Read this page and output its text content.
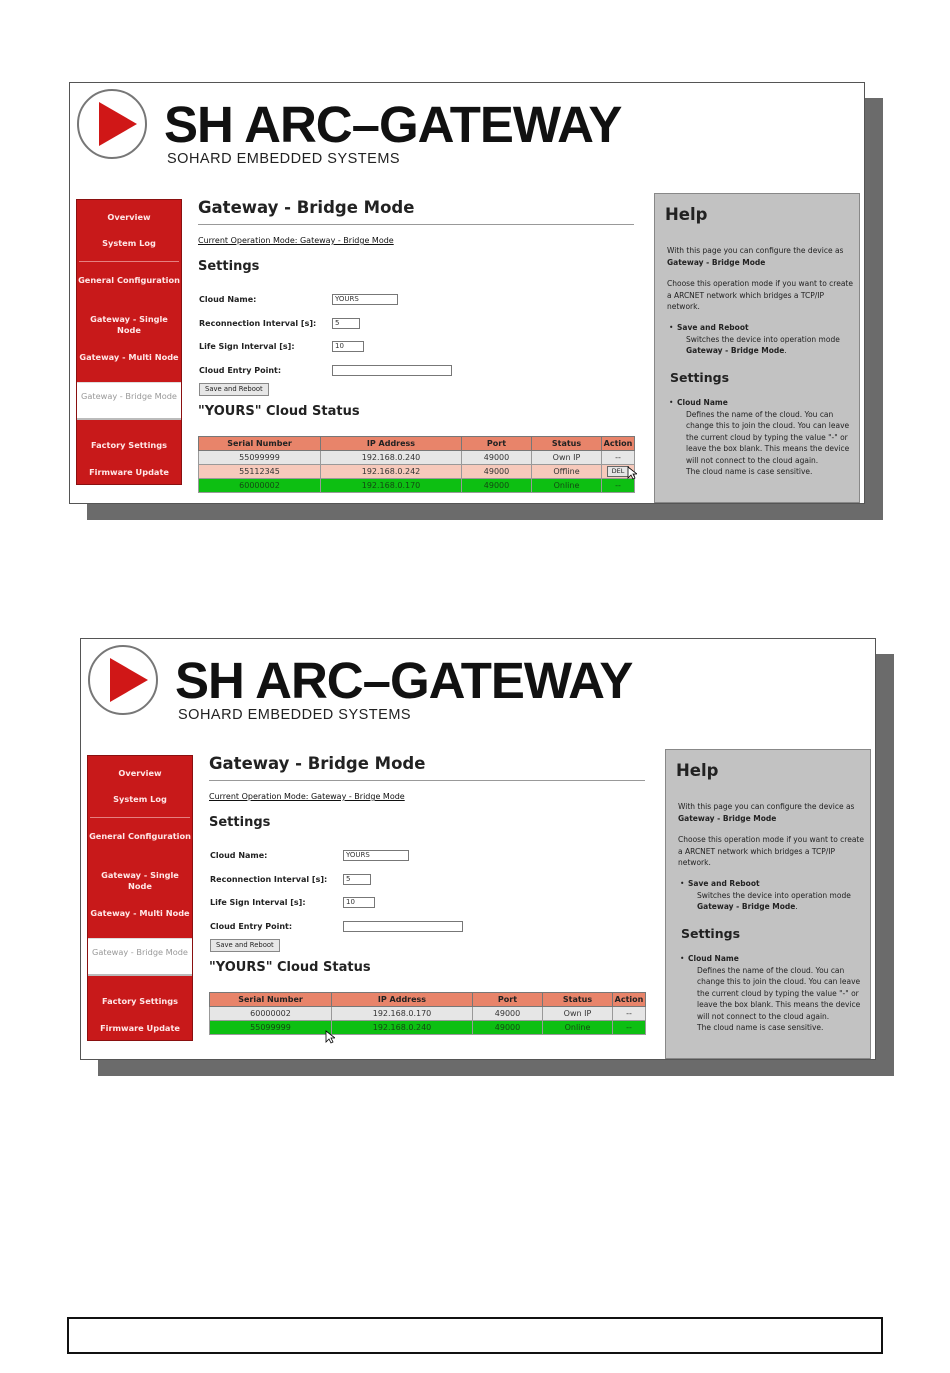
SH ARC–GATEWAY
SOHARD EMBEDDED SYSTEMS
Overview
System Log
General Configuration
Gateway - Single Node
Gateway - Multi Node
Gateway - Bridge Mode
Factory Settings
Firmware Update
Gateway - Bridge Mode
Current Operation Mode: Gateway - Bridge Mode
Settings
Cloud Name:	YOURS
Reconnection Interval [s]:	5
Life Sign Interval [s]:	10
Cloud Entry Point:
Save and Reboot
"YOURS" Cloud Status
Serial Number	IP Address	Port	Status	Action
55099999	192.168.0.240	49000	Own IP	--
55112345	192.168.0.242	49000	Offline	DEL
60000002	192.168.0.170	49000	Online	--
Help
With this page you can configure the device as Gateway - Bridge Mode
Choose this operation mode if you want to create a ARCNET network which bridges a TCP/IP network.
• Save and Reboot
Switches the device into operation mode Gateway - Bridge Mode.
Settings
• Cloud Name
Defines the name of the cloud. You can change this to join the cloud. You can leave the current cloud by typing the value "-" or leave the box blank. This means the device will not connect to the cloud again.
The cloud name is case sensitive.
SH ARC–GATEWAY
SOHARD EMBEDDED SYSTEMS
Overview
System Log
General Configuration
Gateway - Single Node
Gateway - Multi Node
Gateway - Bridge Mode
Factory Settings
Firmware Update
Gateway - Bridge Mode
Current Operation Mode: Gateway - Bridge Mode
Settings
Cloud Name:	YOURS
Reconnection Interval [s]:	5
Life Sign Interval [s]:	10
Cloud Entry Point:
Save and Reboot
"YOURS" Cloud Status
Serial Number	IP Address	Port	Status	Action
60000002	192.168.0.170	49000	Own IP	--
55099999	192.168.0.240	49000	Online	--
Help
With this page you can configure the device as Gateway - Bridge Mode
Choose this operation mode if you want to create a ARCNET network which bridges a TCP/IP network.
• Save and Reboot
Switches the device into operation mode Gateway - Bridge Mode.
Settings
• Cloud Name
Defines the name of the cloud. You can change this to join the cloud. You can leave the current cloud by typing the value "-" or leave the box blank. This means the device will not connect to the cloud again.
The cloud name is case sensitive.
